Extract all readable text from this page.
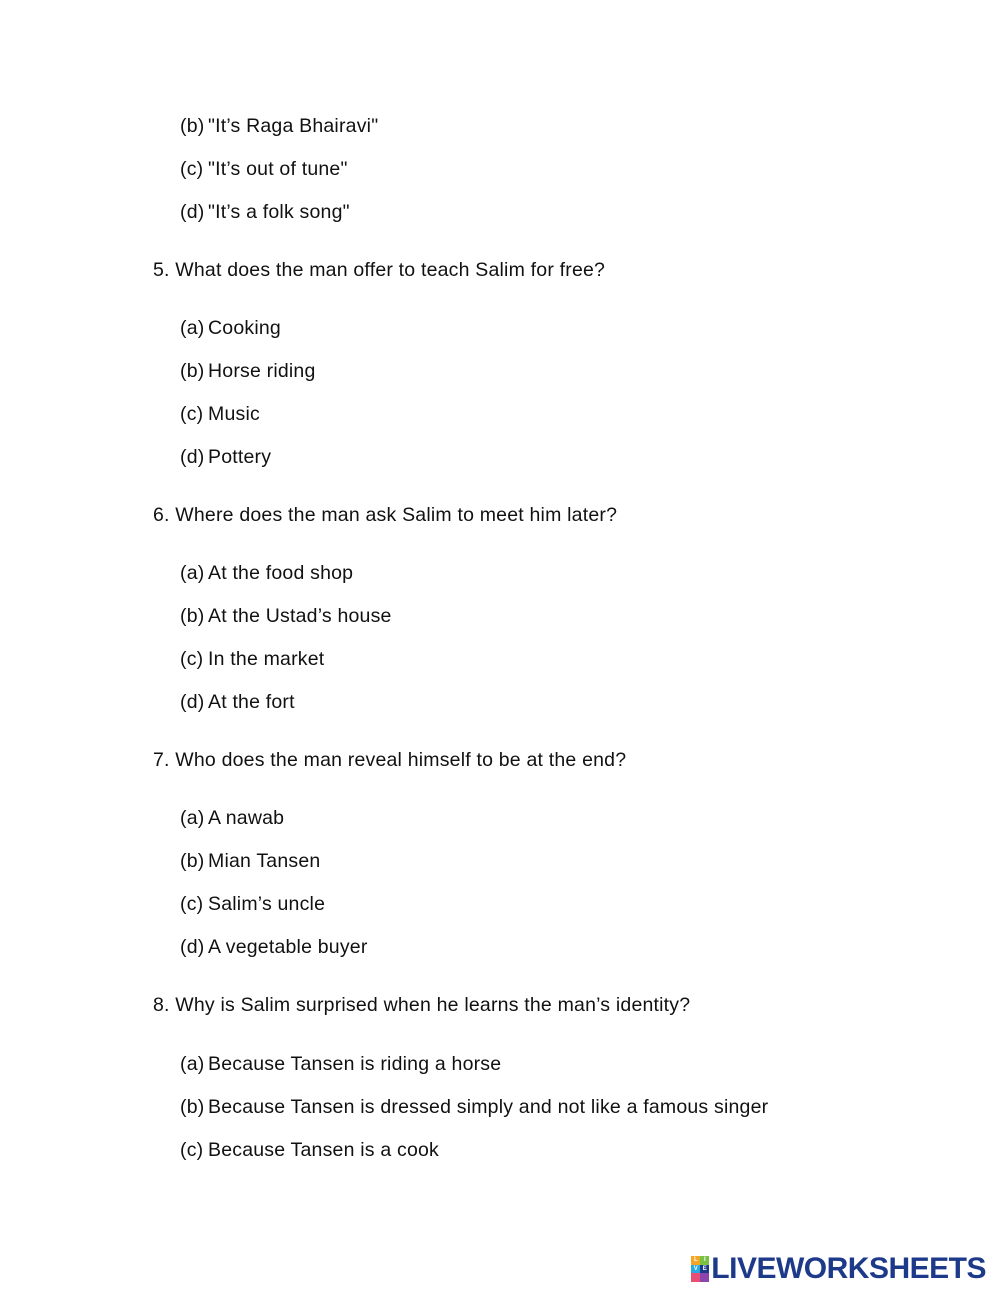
(b) "It’s Raga Bhairavi"
(c) "It’s out of tune"
(d) "It’s a folk song"
5. What does the man offer to teach Salim for free?
(a) Cooking
(b) Horse riding
(c) Music
(d) Pottery
6. Where does the man ask Salim to meet him later?
(a) At the food shop
(b) At the Ustad’s house
(c) In the market
(d) At the fort
7. Who does the man reveal himself to be at the end?
(a) A nawab
(b) Mian Tansen
(c) Salim’s uncle
(d) A vegetable buyer
8. Why is Salim surprised when he learns the man’s identity?
(a) Because Tansen is riding a horse
(b) Because Tansen is dressed simply and not like a famous singer
(c) Because Tansen is a cook
L	I
V E LIVEWORKSHEETS
